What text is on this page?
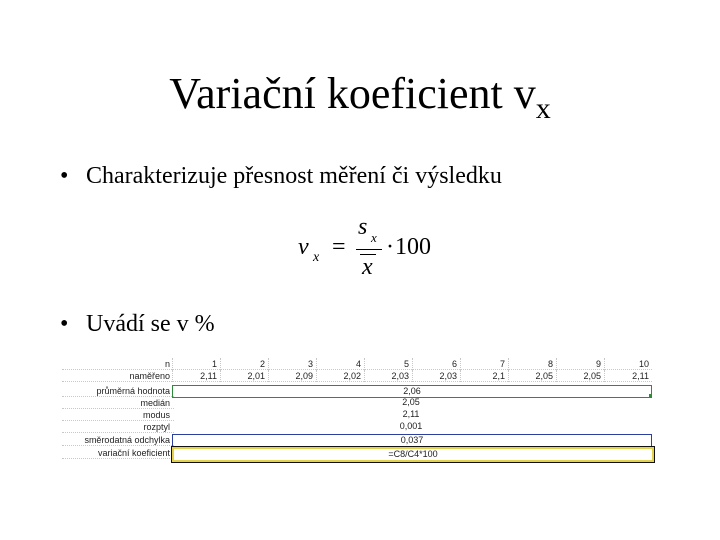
Variační koeficient $v_x$
• Charakterizuje přesnost měření či výsledku
v x =
s x
x
· 100
• Uvádí se v %
n	1	2	3	4	5	6	7	8	9	10
naměřeno	2,11	2,01	2,09	2,02	2,03	2,03	2,1	2,05	2,05	2,11
průměrná hodnota	2,06
medián	2,05
modus	2,11
rozptyl	0,001
směrodatná odchylka	0,037
variační koeficient	=C8/C4*100
